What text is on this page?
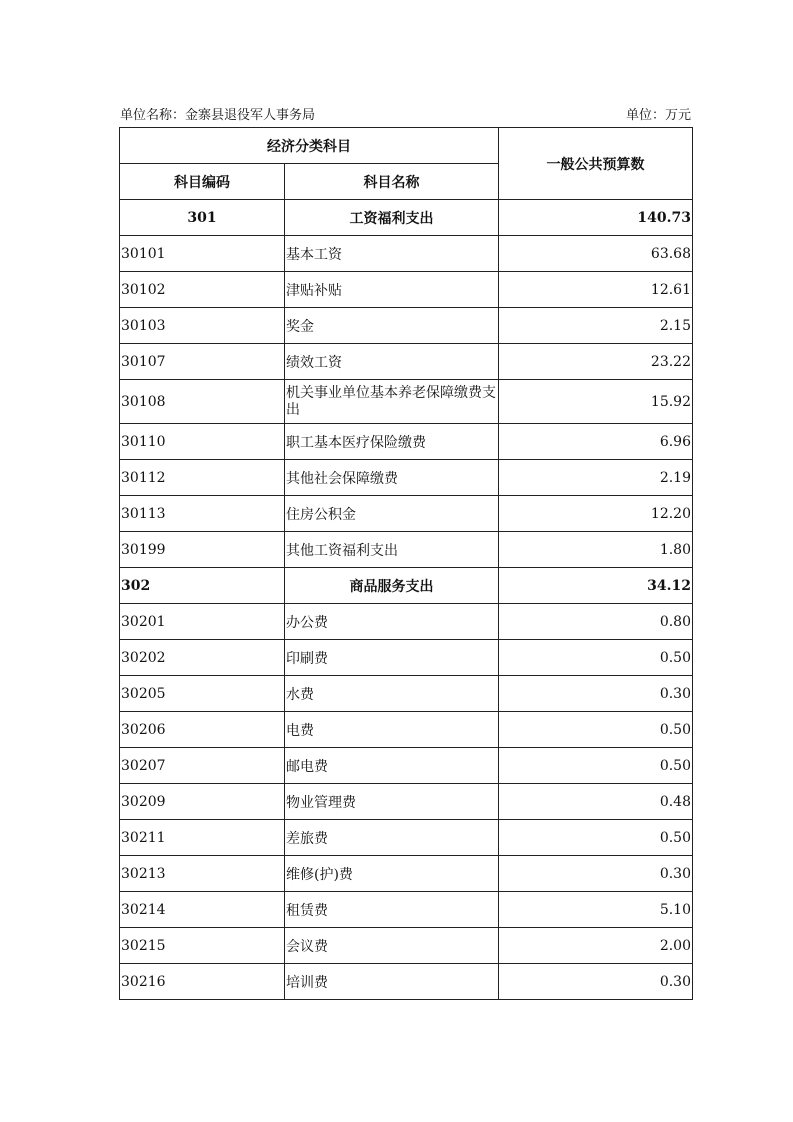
单位名称：金寨县退役军人事务局	单位：万元
经济分类科目		一般公共预算数
科目编码	科目名称	
301	工资福利支出	140.73
30101	基本工资	63.68
30102	津贴补贴	12.61
30103	奖金	2.15
30107	绩效工资	23.22
30108	机关事业单位基本养老保障缴费支出	15.92
30110	职工基本医疗保险缴费	6.96
30112	其他社会保障缴费	2.19
30113	住房公积金	12.20
30199	其他工资福利支出	1.80
302	商品服务支出	34.12
30201	办公费	0.80
30202	印刷费	0.50
30205	水费	0.30
30206	电费	0.50
30207	邮电费	0.50
30209	物业管理费	0.48
30211	差旅费	0.50
30213	维修(护)费	0.30
30214	租赁费	5.10
30215	会议费	2.00
30216	培训费	0.30
